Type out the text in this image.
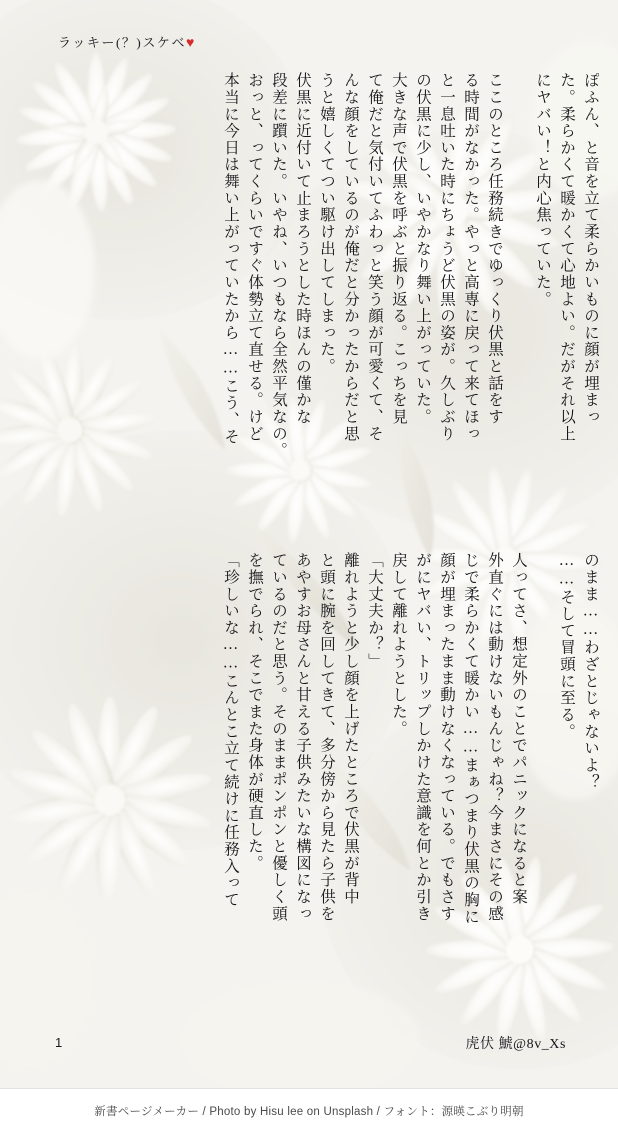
ラッキー(？)スケベ♥
ぽふん、と音を立て柔らかいものに顔が埋まっ
た。柔らかくて暖かくて心地よい。だがそれ以上
にヤバい！と内心焦っていた。
ここのところ任務続きでゆっくり伏黒と話をす
る時間がなかった。やっと高専に戻って来てほっ
と一息吐いた時にちょうど伏黒の姿が。久しぶり
の伏黒に少し、いやかなり舞い上がっていた。
大きな声で伏黒を呼ぶと振り返る。こっちを見
て俺だと気付いてふわっと笑う顔が可愛くて、そ
んな顔をしているのが俺だと分かったからだと思
うと嬉しくてつい駆け出してしまった。
伏黒に近付いて止まろうとした時ほんの僅かな
段差に躓いた。いやね、いつもなら全然平気なの。
おっと、ってくらいですぐ体勢立て直せる。けど
本当に今日は舞い上がっていたから……こう、そ
のまま……わざとじゃないよ？
……そして冒頭に至る。
人ってさ、想定外のことでパニックになると案
外直ぐには動けないもんじゃね？今まさにその感
じで柔らかくて暖かい……まぁつまり伏黒の胸に
顔が埋まったまま動けなくなっている。でもさす
がにヤバい、トリップしかけた意識を何とか引き
戻して離れようとした。
「大丈夫か？」
離れようと少し顔を上げたところで伏黒が背中
と頭に腕を回してきて、多分傍から見たら子供を
あやすお母さんと甘える子供みたいな構図になっ
ているのだと思う。そのままポンポンと優しく頭
を撫でられ、そこでまた身体が硬直した。
「珍しいな……こんとこ立て続けに任務入って
1	虎伏 鯱@8v_Xs
新書ページメーカー / Photo by Hisu lee on Unsplash / フォント：源暎こぶり明朝
